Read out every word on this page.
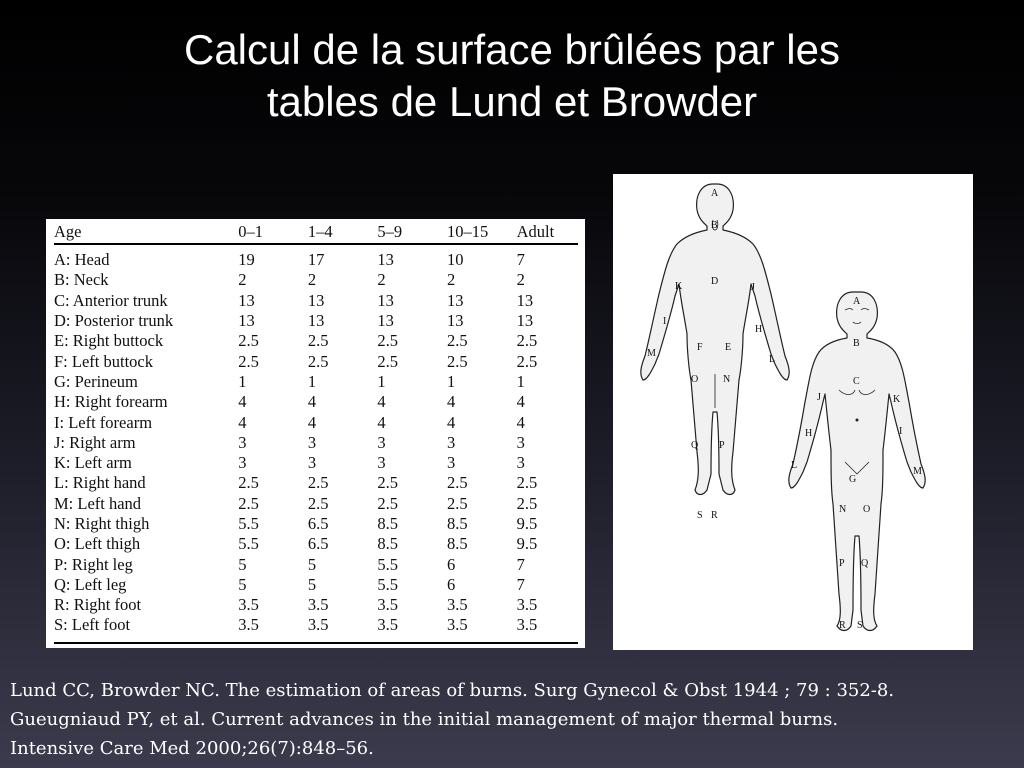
Calcul de la surface brûlées par les
tables de Lund et Browder
Age	0–1	1–4	5–9	10–15	Adult
A: Head	19	17	13	10	7
B: Neck	2	2	2	2	2
C: Anterior trunk	13	13	13	13	13
D: Posterior trunk	13	13	13	13	13
E: Right buttock	2.5	2.5	2.5	2.5	2.5
F: Left buttock	2.5	2.5	2.5	2.5	2.5
G: Perineum	1	1	1	1	1
H: Right forearm	4	4	4	4	4
I: Left forearm	4	4	4	4	4
J: Right arm	3	3	3	3	3
K: Left arm	3	3	3	3	3
L: Right hand	2.5	2.5	2.5	2.5	2.5
M: Left hand	2.5	2.5	2.5	2.5	2.5
N: Right thigh	5.5	6.5	8.5	8.5	9.5
O: Left thigh	5.5	6.5	8.5	8.5	9.5
P: Right leg	5	5	5.5	6	7
Q: Left leg	5	5	5.5	6	7
R: Right foot	3.5	3.5	3.5	3.5	3.5
S: Left foot	3.5	3.5	3.5	3.5	3.5
A
B
K	D
J
I
H
M
F E
L
O N
Q P
S R
A
B
C
J	K
H	I
L
G
M
N O
P Q
R S
Lund CC, Browder NC. The estimation of areas of burns. Surg Gynecol & Obst 1944 ; 79 : 352-8.
Gueugniaud PY, et al. Current advances in the initial management of major thermal burns.
Intensive Care Med 2000;26(7):848–56.
